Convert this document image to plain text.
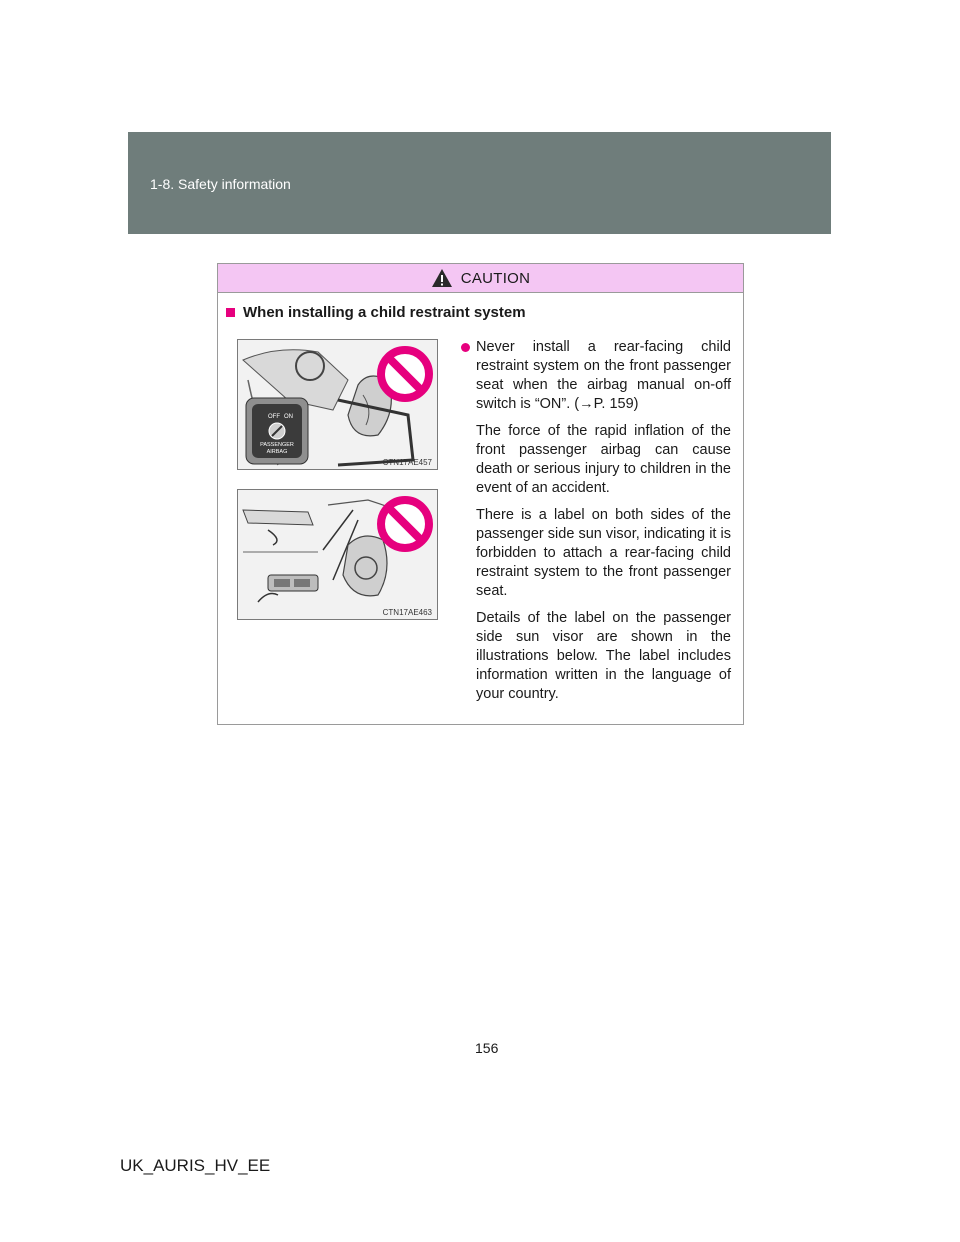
1-8. Safety information
CAUTION
When installing a child restraint system
OFF ON
PASSENGER
AIRBAG
CTN17AE457
CTN17AE463

Never install a rear-facing child restraint system on the front passenger seat when the airbag manual on-off switch is “ON”. (→P. 159)

The force of the rapid inflation of the front passenger airbag can cause death or serious injury to children in the event of an accident.

There is a label on both sides of the passenger side sun visor, indicating it is forbidden to attach a rear-facing child restraint system to the front passenger seat.

Details of the label on the passenger side sun visor are shown in the illustrations below. The label includes information written in the language of your country.

156
UK_AURIS_HV_EE
